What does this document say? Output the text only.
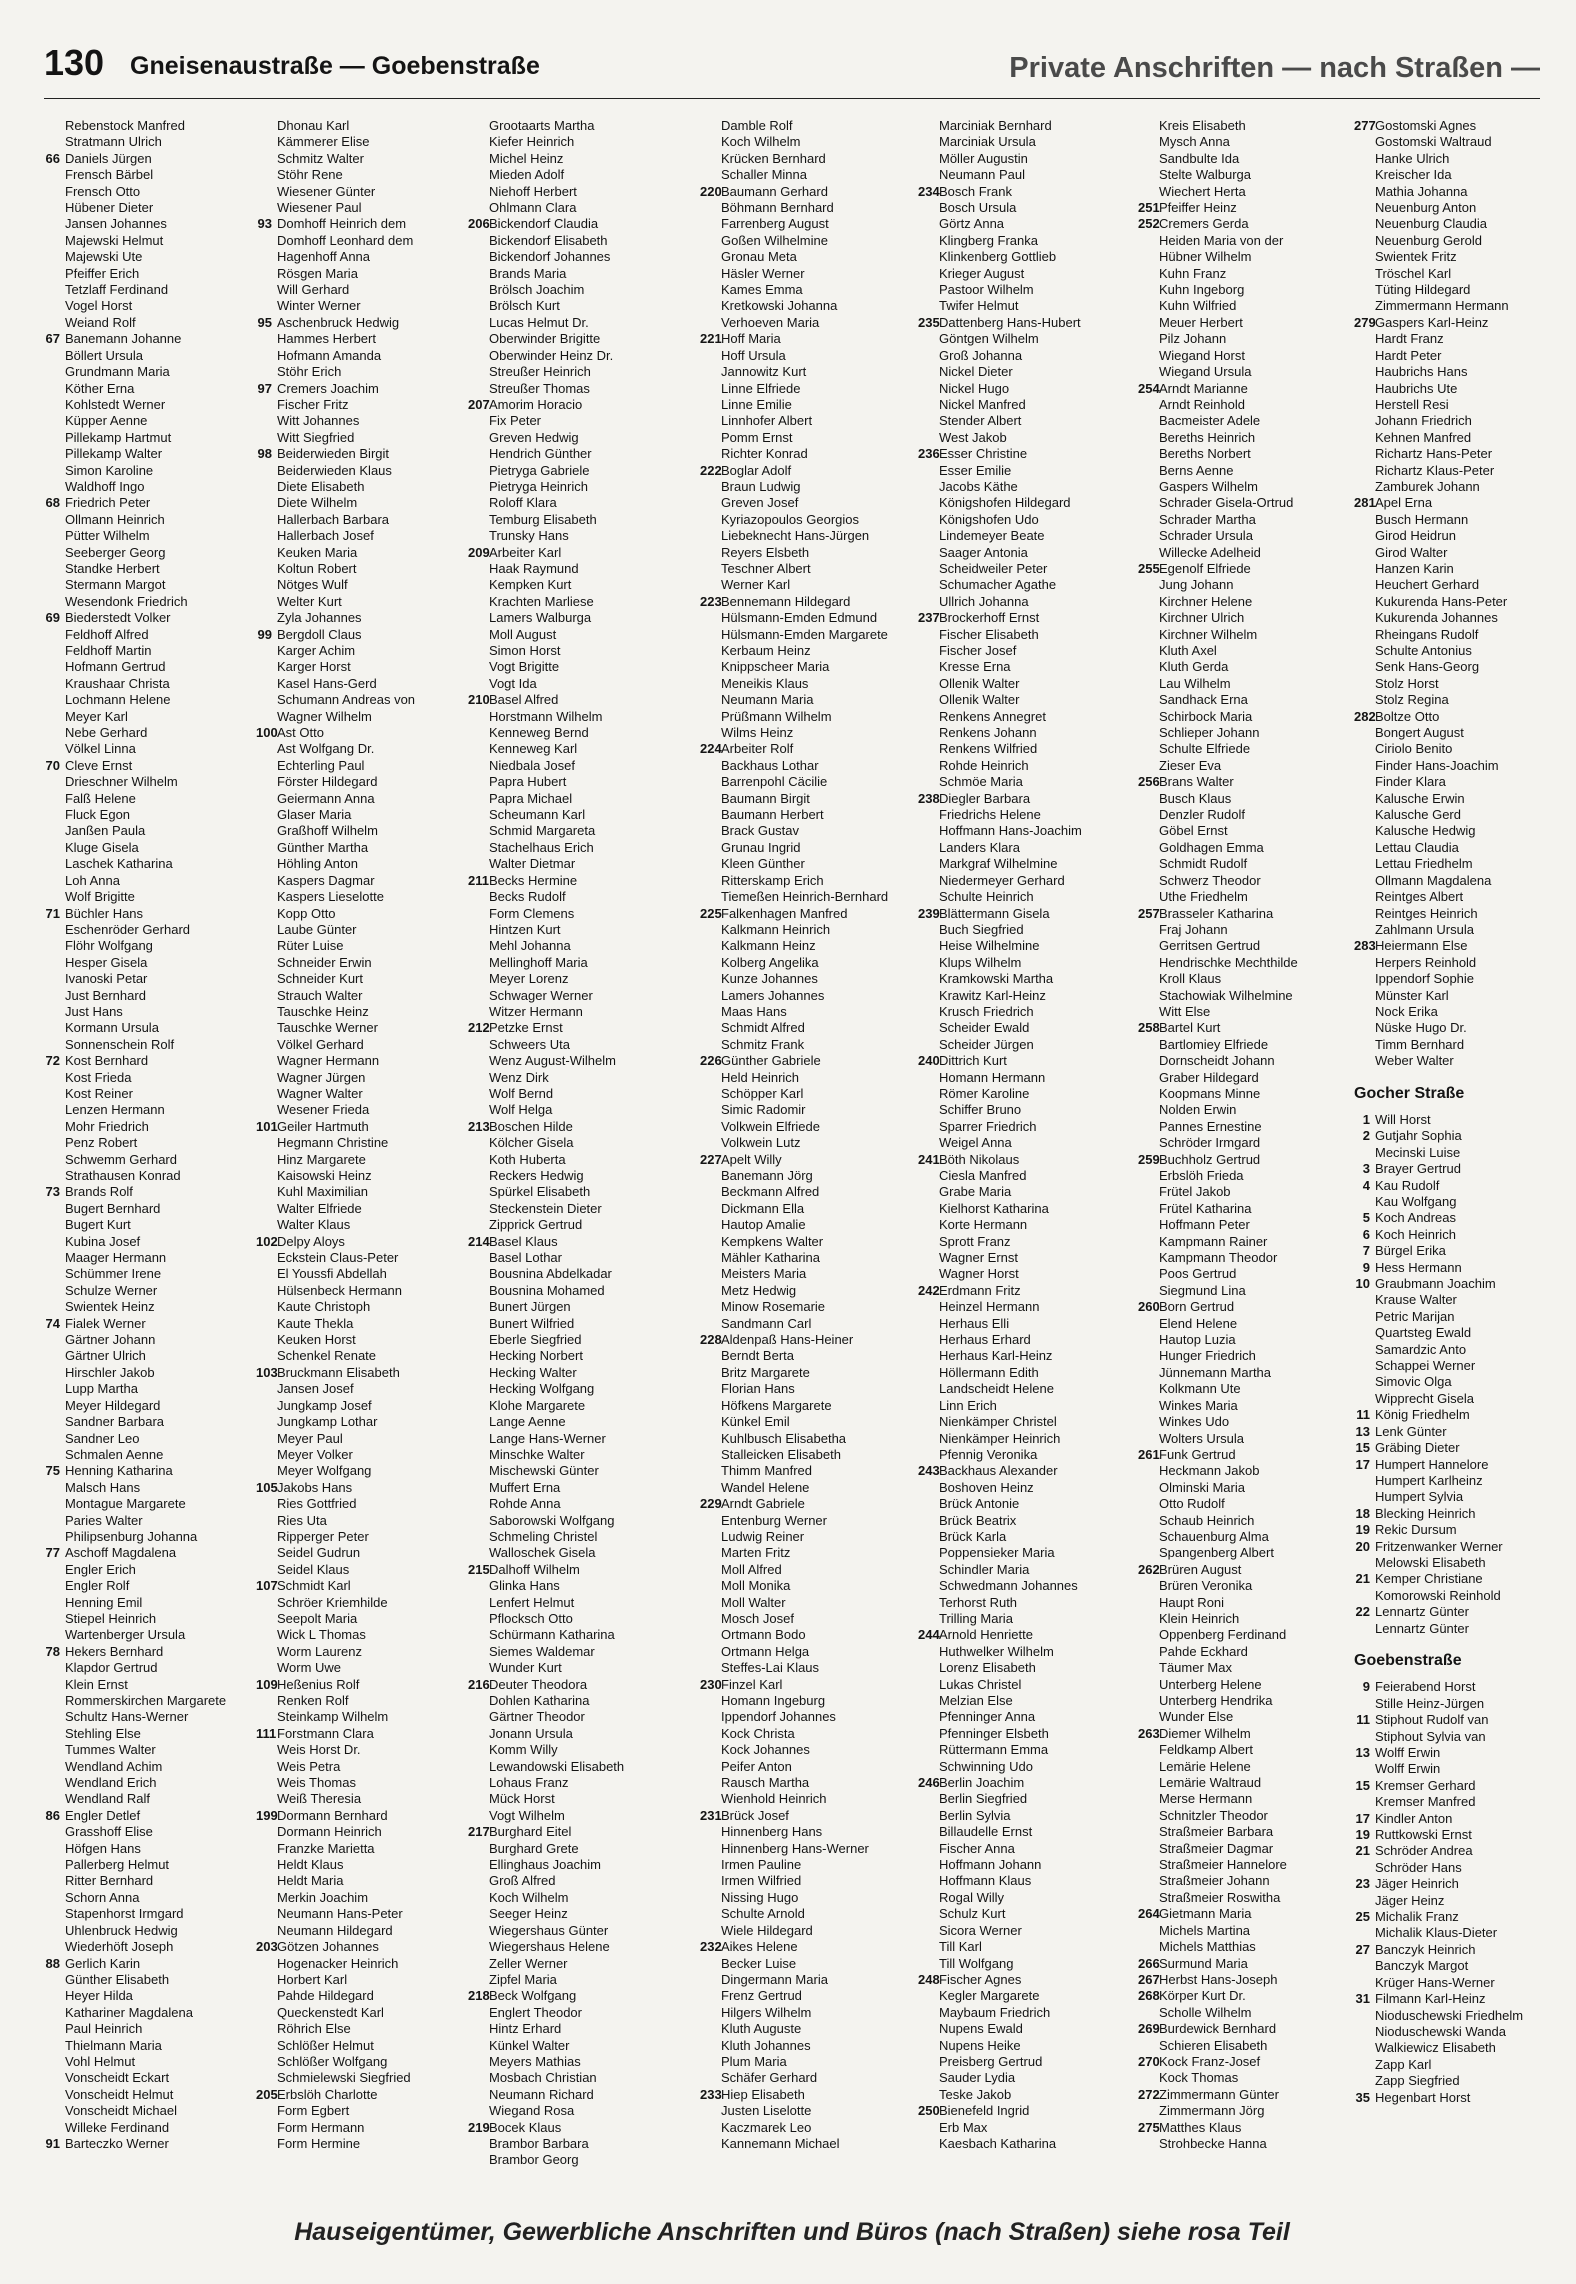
130 Gneisenaustraße — Goebenstraße	Private Anschriften — nach Straßen —
Rebenstock Manfred
Stratmann Ulrich
66 Daniels Jürgen
Frensch Bärbel
Frensch Otto
Hübener Dieter
Jansen Johannes
Majewski Helmut
Majewski Ute
Pfeiffer Erich
Tetzlaff Ferdinand
Vogel Horst
Weiand Rolf
67 Banemann Johanne
Böllert Ursula
Grundmann Maria
Köther Erna
Kohlstedt Werner
Küpper Aenne
Pillekamp Hartmut
Pillekamp Walter
Simon Karoline
Waldhoff Ingo
68 Friedrich Peter
Ollmann Heinrich
Pütter Wilhelm
Seeberger Georg
Standke Herbert
Stermann Margot
Wesendonk Friedrich
69 Biederstedt Volker
Feldhoff Alfred
Feldhoff Martin
Hofmann Gertrud
Kraushaar Christa
Lochmann Helene
Meyer Karl
Nebe Gerhard
Völkel Linna
70 Cleve Ernst
Drieschner Wilhelm
Falß Helene
Fluck Egon
Janßen Paula
Kluge Gisela
Laschek Katharina
Loh Anna
Wolf Brigitte
71 Büchler Hans
Eschenröder Gerhard
Flöhr Wolfgang
Hesper Gisela
Ivanoski Petar
Just Bernhard
Just Hans
Kormann Ursula
Sonnenschein Rolf
72 Kost Bernhard
Kost Frieda
Kost Reiner
Lenzen Hermann
Mohr Friedrich
Penz Robert
Schwemm Gerhard
Strathausen Konrad
73 Brands Rolf
Bugert Bernhard
Bugert Kurt
Kubina Josef
Maager Hermann
Schümmer Irene
Schulze Werner
Swientek Heinz
74 Fialek Werner
Gärtner Johann
Gärtner Ulrich
Hirschler Jakob
Lupp Martha
Meyer Hildegard
Sandner Barbara
Sandner Leo
Schmalen Aenne
75 Henning Katharina
Malsch Hans
Montague Margarete
Paries Walter
Philipsenburg Johanna
77 Aschoff Magdalena
Engler Erich
Engler Rolf
Henning Emil
Stiepel Heinrich
Wartenberger Ursula
78 Hekers Bernhard
Klapdor Gertrud
Klein Ernst
Rommerskirchen Margarete
Schultz Hans-Werner
Stehling Else
Tummes Walter
Wendland Achim
Wendland Erich
Wendland Ralf
86 Engler Detlef
Grasshoff Elise
Höfgen Hans
Pallerberg Helmut
Ritter Bernhard
Schorn Anna
Stapenhorst Irmgard
Uhlenbruck Hedwig
Wiederhöft Joseph
88 Gerlich Karin
Günther Elisabeth
Heyer Hilda
Kathariner Magdalena
Paul Heinrich
Thielmann Maria
Vohl Helmut
Vonscheidt Eckart
Vonscheidt Helmut
Vonscheidt Michael
Willeke Ferdinand
91 Barteczko Werner
Dhonau Karl
Kämmerer Elise
Schmitz Walter
Stöhr Rene
Wiesener Günter
Wiesener Paul
93 Domhoff Heinrich dem
Domhoff Leonhard dem
Hagenhoff Anna
Rösgen Maria
Will Gerhard
Winter Werner
95 Aschenbruck Hedwig
Hammes Herbert
Hofmann Amanda
Stöhr Erich
97 Cremers Joachim
Fischer Fritz
Witt Johannes
Witt Siegfried
98 Beiderwieden Birgit
Beiderwieden Klaus
Diete Elisabeth
Diete Wilhelm
Hallerbach Barbara
Hallerbach Josef
Keuken Maria
Koltun Robert
Nötges Wulf
Welter Kurt
Zyla Johannes
99 Bergdoll Claus
Karger Achim
Karger Horst
Kasel Hans-Gerd
Schumann Andreas von
Wagner Wilhelm
100Ast Otto
Ast Wolfgang Dr.
Echterling Paul
Förster Hildegard
Geiermann Anna
Glaser Maria
Graßhoff Wilhelm
Günther Martha
Höhling Anton
Kaspers Dagmar
Kaspers Lieselotte
Kopp Otto
Laube Günter
Rüter Luise
Schneider Erwin
Schneider Kurt
Strauch Walter
Tauschke Heinz
Tauschke Werner
Völkel Gerhard
Wagner Hermann
Wagner Jürgen
Wagner Walter
Wesener Frieda
101Geiler Hartmuth
Hegmann Christine
Hinz Margarete
Kaisowski Heinz
Kuhl Maximilian
Walter Elfriede
Walter Klaus
102Delpy Aloys
Eckstein Claus-Peter
El Youssfi Abdellah
Hülsenbeck Hermann
Kaute Christoph
Kaute Thekla
Keuken Horst
Schenkel Renate
103Bruckmann Elisabeth
Jansen Josef
Jungkamp Josef
Jungkamp Lothar
Meyer Paul
Meyer Volker
Meyer Wolfgang
105Jakobs Hans
Ries Gottfried
Ries Uta
Ripperger Peter
Seidel Gudrun
Seidel Klaus
107Schmidt Karl
Schröer Kriemhilde
Seepolt Maria
Wick L Thomas
Worm Laurenz
Worm Uwe
109Heßenius Rolf
Renken Rolf
Steinkamp Wilhelm
111Forstmann Clara
Weis Horst Dr.
Weis Petra
Weis Thomas
Weiß Theresia
199Dormann Bernhard
Dormann Heinrich
Franzke Marietta
Heldt Klaus
Heldt Maria
Merkin Joachim
Neumann Hans-Peter
Neumann Hildegard
203Götzen Johannes
Hogenacker Heinrich
Horbert Karl
Pahde Hildegard
Queckenstedt Karl
Röhrich Else
Schlößer Helmut
Schlößer Wolfgang
Schmielewski Siegfried
205Erbslöh Charlotte
Form Egbert
Form Hermann
Form Hermine
Grootaarts Martha
Kiefer Heinrich
Michel Heinz
Mieden Adolf
Niehoff Herbert
Ohlmann Clara
206Bickendorf Claudia
Bickendorf Elisabeth
Bickendorf Johannes
Brands Maria
Brölsch Joachim
Brölsch Kurt
Lucas Helmut Dr.
Oberwinder Brigitte
Oberwinder Heinz Dr.
Streußer Heinrich
Streußer Thomas
207Amorim Horacio
Fix Peter
Greven Hedwig
Hendrich Günther
Pietryga Gabriele
Pietryga Heinrich
Roloff Klara
Temburg Elisabeth
Trunsky Hans
209Arbeiter Karl
Haak Raymund
Kempken Kurt
Krachten Marliese
Lamers Walburga
Moll August
Simon Horst
Vogt Brigitte
Vogt Ida
210Basel Alfred
Horstmann Wilhelm
Kenneweg Bernd
Kenneweg Karl
Niedbala Josef
Papra Hubert
Papra Michael
Scheumann Karl
Schmid Margareta
Stachelhaus Erich
Walter Dietmar
211Becks Hermine
Becks Rudolf
Form Clemens
Hintzen Kurt
Mehl Johanna
Mellinghoff Maria
Meyer Lorenz
Schwager Werner
Witzer Hermann
212Petzke Ernst
Schweers Uta
Wenz August-Wilhelm
Wenz Dirk
Wolf Bernd
Wolf Helga
213Boschen Hilde
Kölcher Gisela
Koth Huberta
Reckers Hedwig
Spürkel Elisabeth
Steckenstein Dieter
Zipprick Gertrud
214Basel Klaus
Basel Lothar
Bousnina Abdelkadar
Bousnina Mohamed
Bunert Jürgen
Bunert Wilfried
Eberle Siegfried
Hecking Norbert
Hecking Walter
Hecking Wolfgang
Klohe Margarete
Lange Aenne
Lange Hans-Werner
Minschke Walter
Mischewski Günter
Muffert Erna
Rohde Anna
Saborowski Wolfgang
Schmeling Christel
Walloschek Gisela
215Dalhoff Wilhelm
Glinka Hans
Lenfert Helmut
Pflocksch Otto
Schürmann Katharina
Siemes Waldemar
Wunder Kurt
216Deuter Theodora
Dohlen Katharina
Gärtner Theodor
Jonann Ursula
Komm Willy
Lewandowski Elisabeth
Lohaus Franz
Mück Horst
Vogt Wilhelm
217Burghard Eitel
Burghard Grete
Ellinghaus Joachim
Groß Alfred
Koch Wilhelm
Seeger Heinz
Wiegershaus Günter
Wiegershaus Helene
Zeller Werner
Zipfel Maria
218Beck Wolfgang
Englert Theodor
Hintz Erhard
Künkel Walter
Meyers Mathias
Mosbach Christian
Neumann Richard
Wiegand Rosa
219Bocek Klaus
Brambor Barbara
Brambor Georg
Damble Rolf
Koch Wilhelm
Krücken Bernhard
Schaller Minna
220Baumann Gerhard
Böhmann Bernhard
Farrenberg August
Goßen Wilhelmine
Gronau Meta
Häsler Werner
Kames Emma
Kretkowski Johanna
Verhoeven Maria
221Hoff Maria
Hoff Ursula
Jannowitz Kurt
Linne Elfriede
Linne Emilie
Linnhofer Albert
Pomm Ernst
Richter Konrad
222Boglar Adolf
Braun Ludwig
Greven Josef
Kyriazopoulos Georgios
Liebeknecht Hans-Jürgen
Reyers Elsbeth
Teschner Albert
Werner Karl
223Bennemann Hildegard
Hülsmann-Emden Edmund
Hülsmann-Emden Margarete
Kerbaum Heinz
Knippscheer Maria
Meneikis Klaus
Neumann Maria
Prüßmann Wilhelm
Wilms Heinz
224Arbeiter Rolf
Backhaus Lothar
Barrenpohl Cäcilie
Baumann Birgit
Baumann Herbert
Brack Gustav
Grunau Ingrid
Kleen Günther
Ritterskamp Erich
Tiemeßen Heinrich-Bernhard
225Falkenhagen Manfred
Kalkmann Heinrich
Kalkmann Heinz
Kolberg Angelika
Kunze Johannes
Lamers Johannes
Maas Hans
Schmidt Alfred
Schmitz Frank
226Günther Gabriele
Held Heinrich
Schöpper Karl
Simic Radomir
Volkwein Elfriede
Volkwein Lutz
227Apelt Willy
Banemann Jörg
Beckmann Alfred
Dickmann Ella
Hautop Amalie
Kempkens Walter
Mähler Katharina
Meisters Maria
Metz Hedwig
Minow Rosemarie
Sandmann Carl
228Aldenpaß Hans-Heiner
Berndt Berta
Britz Margarete
Florian Hans
Höfkens Margarete
Künkel Emil
Kuhlbusch Elisabetha
Stalleicken Elisabeth
Thimm Manfred
Wandel Helene
229Arndt Gabriele
Entenburg Werner
Ludwig Reiner
Marten Fritz
Moll Alfred
Moll Monika
Moll Walter
Mosch Josef
Ortmann Bodo
Ortmann Helga
Steffes-Lai Klaus
230Finzel Karl
Homann Ingeburg
Ippendorf Johannes
Kock Christa
Kock Johannes
Peifer Anton
Rausch Martha
Wienhold Heinrich
231Brück Josef
Hinnenberg Hans
Hinnenberg Hans-Werner
Irmen Pauline
Irmen Wilfried
Nissing Hugo
Schulte Arnold
Wiele Hildegard
232Aikes Helene
Becker Luise
Dingermann Maria
Frenz Gertrud
Hilgers Wilhelm
Kluth Auguste
Kluth Johannes
Plum Maria
Schäfer Gerhard
233Hiep Elisabeth
Justen Liselotte
Kaczmarek Leo
Kannemann Michael
Marciniak Bernhard
Marciniak Ursula
Möller Augustin
Neumann Paul
234Bosch Frank
Bosch Ursula
Görtz Anna
Klingberg Franka
Klinkenberg Gottlieb
Krieger August
Pastoor Wilhelm
Twifer Helmut
235Dattenberg Hans-Hubert
Göntgen Wilhelm
Groß Johanna
Nickel Dieter
Nickel Hugo
Nickel Manfred
Stender Albert
West Jakob
236Esser Christine
Esser Emilie
Jacobs Käthe
Königshofen Hildegard
Königshofen Udo
Lindemeyer Beate
Saager Antonia
Scheidweiler Peter
Schumacher Agathe
Ullrich Johanna
237Brockerhoff Ernst
Fischer Elisabeth
Fischer Josef
Kresse Erna
Ollenik Walter
Ollenik Walter
Renkens Annegret
Renkens Johann
Renkens Wilfried
Rohde Heinrich
Schmöe Maria
238Diegler Barbara
Friedrichs Helene
Hoffmann Hans-Joachim
Landers Klara
Markgraf Wilhelmine
Niedermeyer Gerhard
Schulte Heinrich
239Blättermann Gisela
Buch Siegfried
Heise Wilhelmine
Klups Wilhelm
Kramkowski Martha
Krawitz Karl-Heinz
Krusch Friedrich
Scheider Ewald
Scheider Jürgen
240Dittrich Kurt
Homann Hermann
Römer Karoline
Schiffer Bruno
Sparrer Friedrich
Weigel Anna
241Böth Nikolaus
Ciesla Manfred
Grabe Maria
Kielhorst Katharina
Korte Hermann
Sprott Franz
Wagner Ernst
Wagner Horst
242Erdmann Fritz
Heinzel Hermann
Herhaus Elli
Herhaus Erhard
Herhaus Karl-Heinz
Höllermann Edith
Landscheidt Helene
Linn Erich
Nienkämper Christel
Nienkämper Heinrich
Pfennig Veronika
243Backhaus Alexander
Boshoven Heinz
Brück Antonie
Brück Beatrix
Brück Karla
Poppensieker Maria
Schindler Maria
Schwedmann Johannes
Terhorst Ruth
Trilling Maria
244Arnold Henriette
Huthwelker Wilhelm
Lorenz Elisabeth
Lukas Christel
Melzian Else
Pfenninger Anna
Pfenninger Elsbeth
Rüttermann Emma
Schwinning Udo
246Berlin Joachim
Berlin Siegfried
Berlin Sylvia
Billaudelle Ernst
Fischer Anna
Hoffmann Johann
Hoffmann Klaus
Rogal Willy
Schulz Kurt
Sicora Werner
Till Karl
Till Wolfgang
248Fischer Agnes
Kegler Margarete
Maybaum Friedrich
Nupens Ewald
Nupens Heike
Preisberg Gertrud
Sauder Lydia
Teske Jakob
250Bienefeld Ingrid
Erb Max
Kaesbach Katharina
Kreis Elisabeth
Mysch Anna
Sandbulte Ida
Stelte Walburga
Wiechert Herta
251Pfeiffer Heinz
252Cremers Gerda
Heiden Maria von der
Hübner Wilhelm
Kuhn Franz
Kuhn Ingeborg
Kuhn Wilfried
Meuer Herbert
Pilz Johann
Wiegand Horst
Wiegand Ursula
254Arndt Marianne
Arndt Reinhold
Bacmeister Adele
Bereths Heinrich
Bereths Norbert
Berns Aenne
Gaspers Wilhelm
Schrader Gisela-Ortrud
Schrader Martha
Schrader Ursula
Willecke Adelheid
255Egenolf Elfriede
Jung Johann
Kirchner Helene
Kirchner Ulrich
Kirchner Wilhelm
Kluth Axel
Kluth Gerda
Lau Wilhelm
Sandhack Erna
Schirbock Maria
Schlieper Johann
Schulte Elfriede
Zieser Eva
256Brans Walter
Busch Klaus
Denzler Rudolf
Göbel Ernst
Goldhagen Emma
Schmidt Rudolf
Schwerz Theodor
Uthe Friedhelm
257Brasseler Katharina
Fraj Johann
Gerritsen Gertrud
Hendrischke Mechthilde
Kroll Klaus
Stachowiak Wilhelmine
Witt Else
258Bartel Kurt
Bartlomiey Elfriede
Dornscheidt Johann
Graber Hildegard
Koopmans Minne
Nolden Erwin
Pannes Ernestine
Schröder Irmgard
259Buchholz Gertrud
Erbslöh Frieda
Frütel Jakob
Frütel Katharina
Hoffmann Peter
Kampmann Rainer
Kampmann Theodor
Poos Gertrud
Siegmund Lina
260Born Gertrud
Elend Helene
Hautop Luzia
Hunger Friedrich
Jünnemann Martha
Kolkmann Ute
Winkes Maria
Winkes Udo
Wolters Ursula
261Funk Gertrud
Heckmann Jakob
Olminski Maria
Otto Rudolf
Schaub Heinrich
Schauenburg Alma
Spangenberg Albert
262Brüren August
Brüren Veronika
Haupt Roni
Klein Heinrich
Oppenberg Ferdinand
Pahde Eckhard
Täumer Max
Unterberg Helene
Unterberg Hendrika
Wunder Else
263Diemer Wilhelm
Feldkamp Albert
Lemärie Helene
Lemärie Waltraud
Merse Hermann
Schnitzler Theodor
Straßmeier Barbara
Straßmeier Dagmar
Straßmeier Hannelore
Straßmeier Johann
Straßmeier Roswitha
264Gietmann Maria
Michels Martina
Michels Matthias
266Surmund Maria
267Herbst Hans-Joseph
268Körper Kurt Dr.
Scholle Wilhelm
269Burdewick Bernhard
Schieren Elisabeth
270Kock Franz-Josef
Kock Thomas
272Zimmermann Günter
Zimmermann Jörg
275Matthes Klaus
Strohbecke Hanna
277Gostomski Agnes
Gostomski Waltraud
Hanke Ulrich
Kreischer Ida
Mathia Johanna
Neuenburg Anton
Neuenburg Claudia
Neuenburg Gerold
Swientek Fritz
Tröschel Karl
Tüting Hildegard
Zimmermann Hermann
279Gaspers Karl-Heinz
Hardt Franz
Hardt Peter
Haubrichs Hans
Haubrichs Ute
Herstell Resi
Johann Friedrich
Kehnen Manfred
Richartz Hans-Peter
Richartz Klaus-Peter
Zamburek Johann
281Apel Erna
Busch Hermann
Girod Heidrun
Girod Walter
Hanzen Karin
Heuchert Gerhard
Kukurenda Hans-Peter
Kukurenda Johannes
Rheingans Rudolf
Schulte Antonius
Senk Hans-Georg
Stolz Horst
Stolz Regina
282Boltze Otto
Bongert August
Ciriolo Benito
Finder Hans-Joachim
Finder Klara
Kalusche Erwin
Kalusche Gerd
Kalusche Hedwig
Lettau Claudia
Lettau Friedhelm
Ollmann Magdalena
Reintges Albert
Reintges Heinrich
Zahlmann Ursula
283Heiermann Else
Herpers Reinhold
Ippendorf Sophie
Münster Karl
Nock Erika
Nüske Hugo Dr.
Timm Bernhard
Weber Walter
Gocher Straße
1 Will Horst
2 Gutjahr Sophia
Mecinski Luise
3 Brayer Gertrud
4 Kau Rudolf
Kau Wolfgang
5 Koch Andreas
6 Koch Heinrich
7 Bürgel Erika
9 Hess Hermann
10 Graubmann Joachim
Krause Walter
Petric Marijan
Quartsteg Ewald
Samardzic Anto
Schappei Werner
Simovic Olga
Wipprecht Gisela
11 König Friedhelm
13 Lenk Günter
15 Gräbing Dieter
17 Humpert Hannelore
Humpert Karlheinz
Humpert Sylvia
18 Blecking Heinrich
19 Rekic Dursum
20 Fritzenwanker Werner
Melowski Elisabeth
21 Kemper Christiane
Komorowski Reinhold
22 Lennartz Günter
Lennartz Günter
Goebenstraße
9 Feierabend Horst
Stille Heinz-Jürgen
11 Stiphout Rudolf van
Stiphout Sylvia van
13 Wolff Erwin
Wolff Erwin
15 Kremser Gerhard
Kremser Manfred
17 Kindler Anton
19 Ruttkowski Ernst
21 Schröder Andrea
Schröder Hans
23 Jäger Heinrich
Jäger Heinz
25 Michalik Franz
Michalik Klaus-Dieter
27 Banczyk Heinrich
Banczyk Margot
Krüger Hans-Werner
31 Filmann Karl-Heinz
Nioduschewski Friedhelm
Nioduschewski Wanda
Walkiewicz Elisabeth
Zapp Karl
Zapp Siegfried
35 Hegenbart Horst
Hauseigentümer, Gewerbliche Anschriften und Büros (nach Straßen) siehe rosa Teil
